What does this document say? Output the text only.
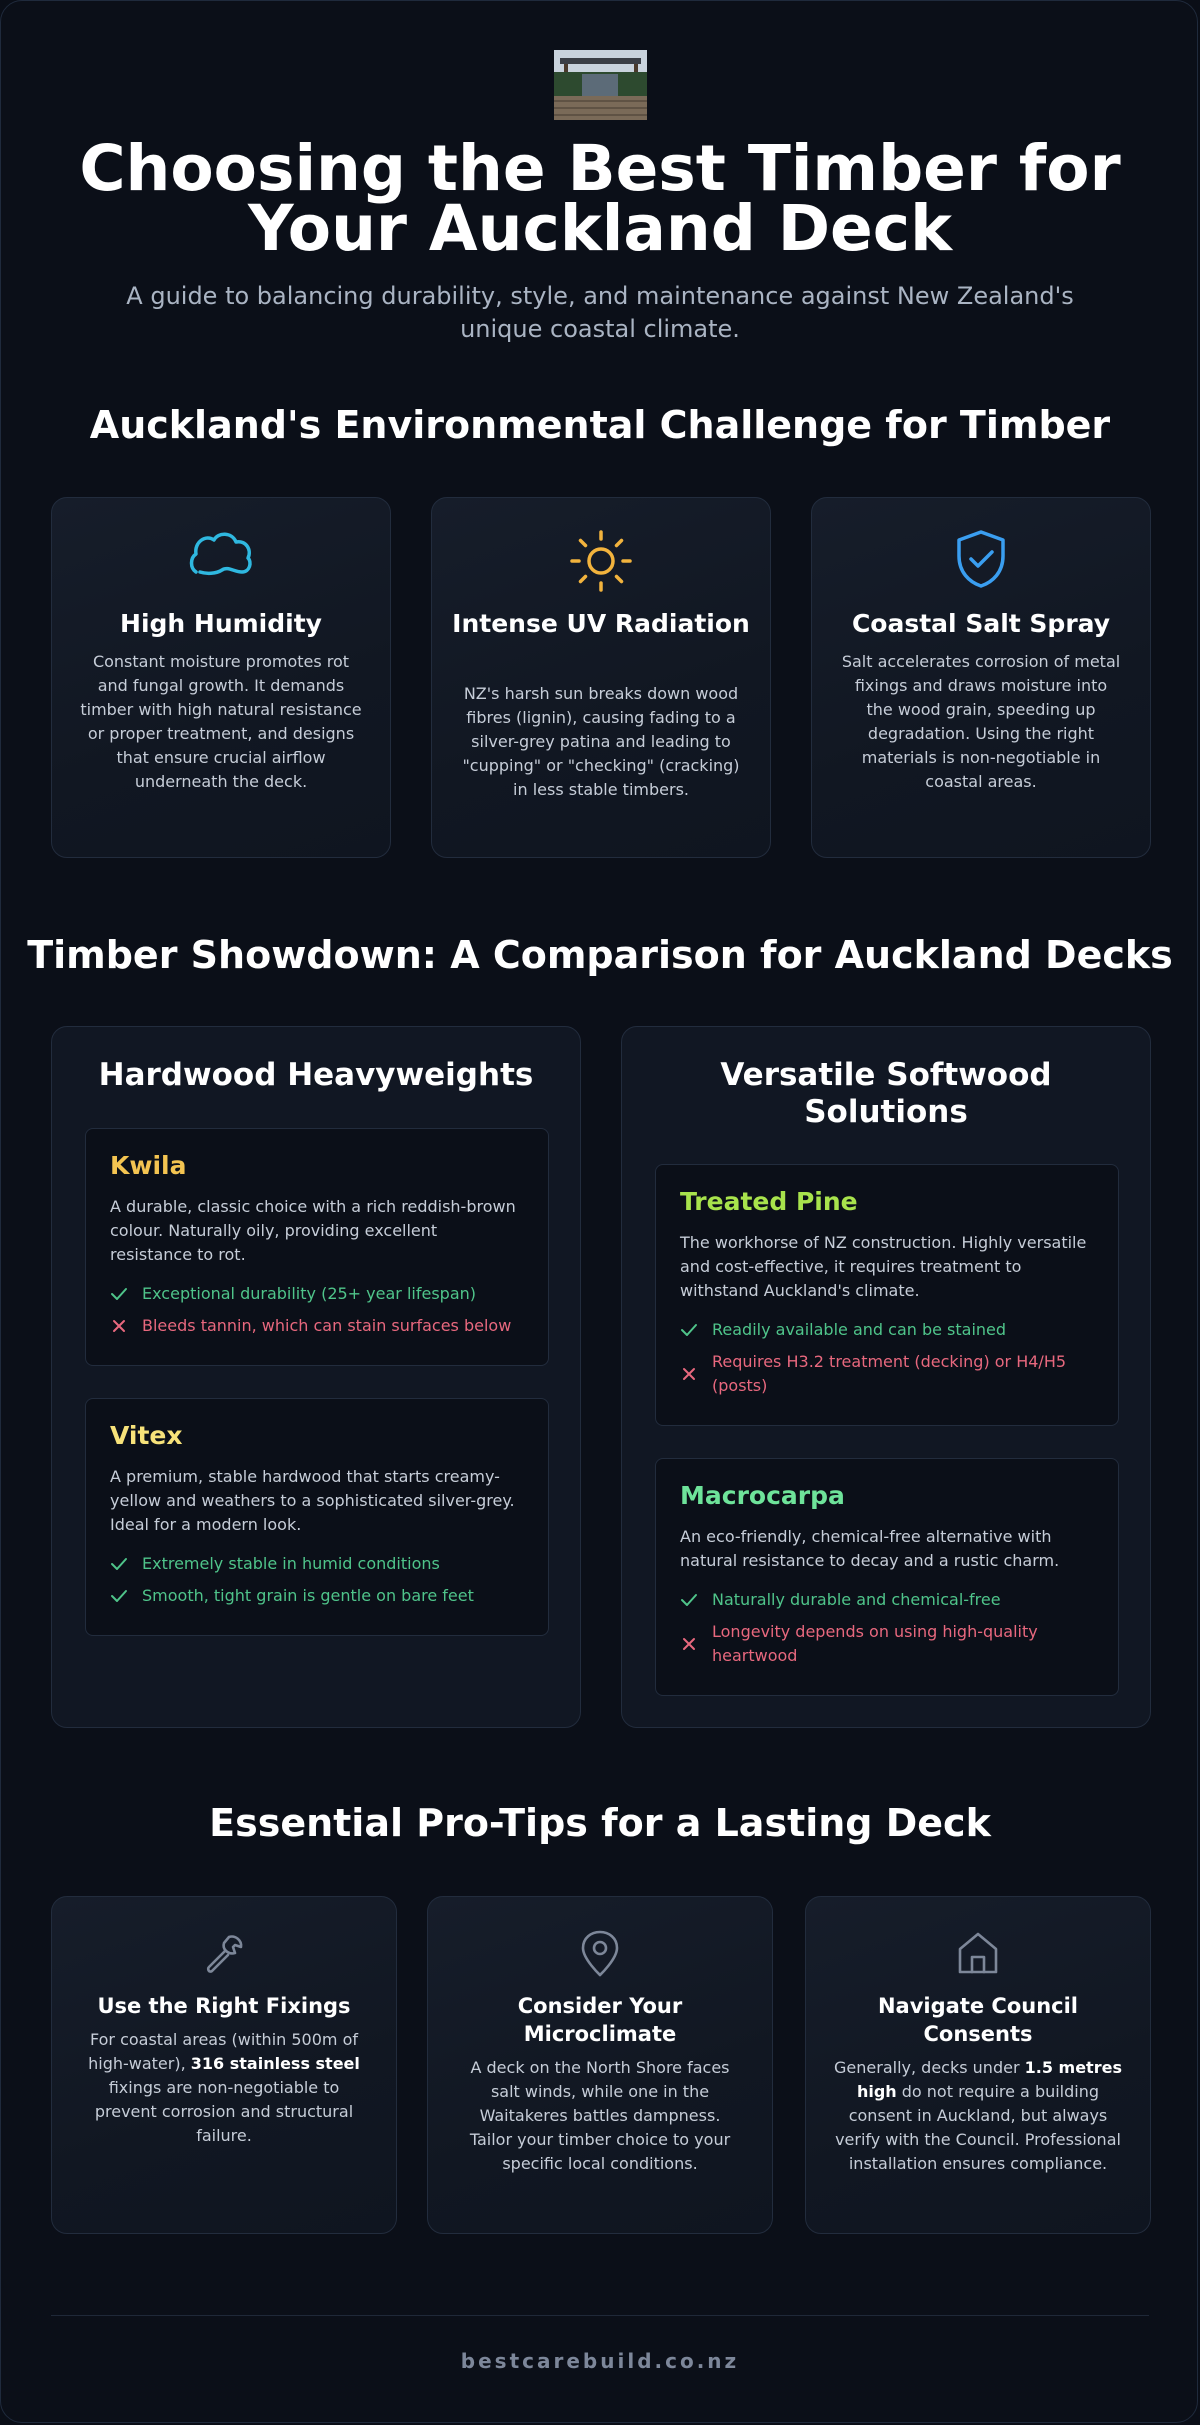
Choosing the Best Timber for Your Auckland Deck

A guide to balancing durability, style, and maintenance against New Zealand's unique coastal climate.

Auckland's Environmental Challenge for Timber
High Humidity

Constant moisture promotes rot and fungal growth. It demands timber with high natural resistance or proper treatment, and designs that ensure crucial airflow underneath the deck.

Intense UV Radiation

NZ's harsh sun breaks down wood fibres (lignin), causing fading to a silver-grey patina and leading to "cupping" or "checking" (cracking) in less stable timbers.

Coastal Salt Spray

Salt accelerates corrosion of metal fixings and draws moisture into the wood grain, speeding up degradation. Using the right materials is non-negotiable in coastal areas.

Timber Showdown: A Comparison for Auckland Decks
Hardwood Heavyweights
Kwila

A durable, classic choice with a rich reddish-brown colour. Naturally oily, providing excellent resistance to rot.

Exceptional durability (25+ year lifespan)
Bleeds tannin, which can stain surfaces below
Vitex

A premium, stable hardwood that starts creamy-yellow and weathers to a sophisticated silver-grey. Ideal for a modern look.

Extremely stable in humid conditions
Smooth, tight grain is gentle on bare feet
Versatile Softwood Solutions
Treated Pine

The workhorse of NZ construction. Highly versatile and cost-effective, it requires treatment to withstand Auckland's climate.

Readily available and can be stained
Requires H3.2 treatment (decking) or H4/H5 (posts)
Macrocarpa

An eco-friendly, chemical-free alternative with natural resistance to decay and a rustic charm.

Naturally durable and chemical-free
Longevity depends on using high-quality heartwood
Essential Pro-Tips for a Lasting Deck
Use the Right Fixings

For coastal areas (within 500m of high-water), 316 stainless steel fixings are non-negotiable to prevent corrosion and structural failure.

Consider Your Microclimate

A deck on the North Shore faces salt winds, while one in the Waitakeres battles dampness. Tailor your timber choice to your specific local conditions.

Navigate Council Consents

Generally, decks under 1.5 metres high do not require a building consent in Auckland, but always verify with the Council. Professional installation ensures compliance.

bestcarebuild.co.nz
